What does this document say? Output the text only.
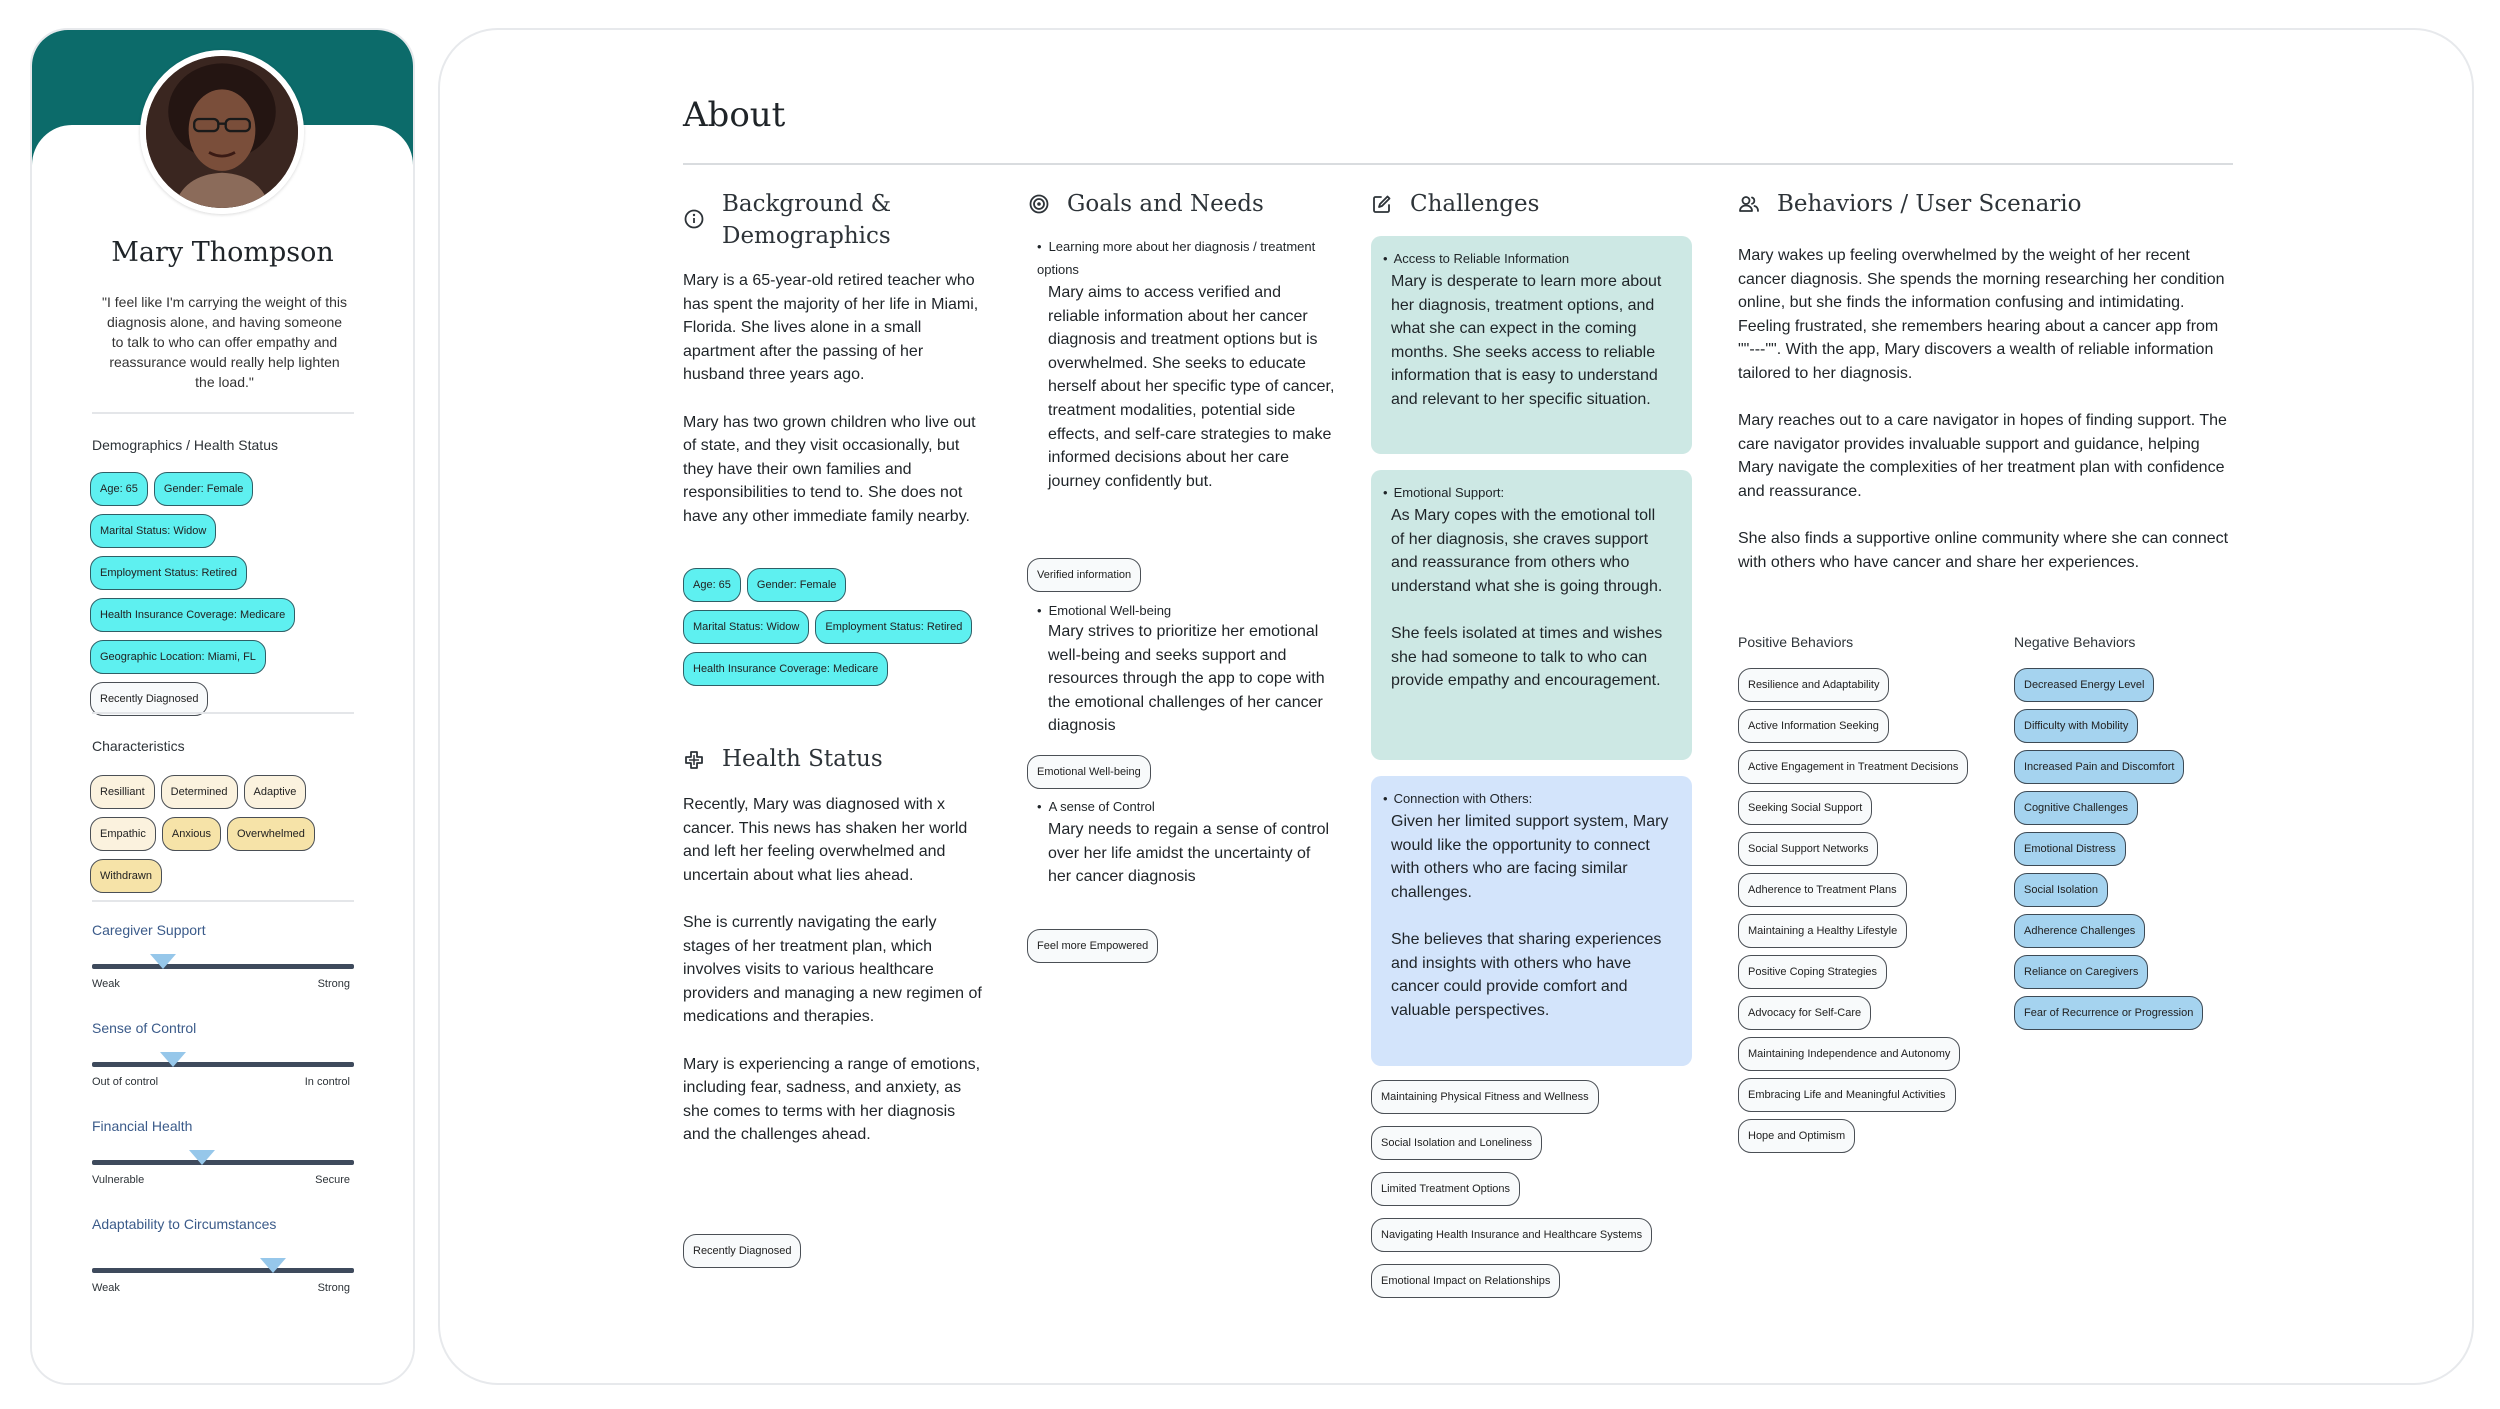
Mary Thompson
"I feel like I'm carrying the weight of this diagnosis alone, and having someone to talk to who can offer empathy and reassurance would really help lighten the load."
Demographics / Health Status
Age: 65	Gender: Female
Marital Status: Widow
Employment Status: Retired
Health Insurance Coverage: Medicare
Geographic Location: Miami, FL
Recently Diagnosed
Characteristics
Resilliant	Determined	Adaptive
Empathic	Anxious	Overwhelmed
Withdrawn
Caregiver Support
Weak	Strong
Sense of Control
Out of control	In control
Financial Health
Vulnerable	Secure
Adaptability to Circumstances
Weak	Strong
About
Background & Demographics

Mary is a 65-year-old retired teacher who has spent the majority of her life in Miami, Florida. She lives alone in a small apartment after the passing of her husband three years ago.

Mary has two grown children who live out of state, and they visit occasionally, but they have their own families and responsibilities to tend to. She does not have any other immediate family nearby.

Age: 65	Gender: Female
Marital Status: Widow	Employment Status: Retired
Health Insurance Coverage: Medicare
Health Status

Recently, Mary was diagnosed with x cancer. This news has shaken her world and left her feeling overwhelmed and uncertain about what lies ahead.

She is currently navigating the early stages of her treatment plan, which involves visits to various healthcare providers and managing a new regimen of medications and therapies.

Mary is experiencing a range of emotions, including fear, sadness, and anxiety, as she comes to terms with her diagnosis and the challenges ahead.

Recently Diagnosed
Goals and Needs
• Learning more about her diagnosis / treatment options
Mary aims to access verified and reliable information about her cancer diagnosis and treatment options but is overwhelmed. She seeks to educate herself about her specific type of cancer, treatment modalities, potential side effects, and self-care strategies to make informed decisions about her care journey confidently but.
Verified information
• Emotional Well-being
Mary strives to prioritize her emotional well-being and seeks support and resources through the app to cope with the emotional challenges of her cancer diagnosis
Emotional Well-being
• A sense of Control
Mary needs to regain a sense of control over her life amidst the uncertainty of her cancer diagnosis
Feel more Empowered
Challenges
• Access to Reliable Information

Mary is desperate to learn more about her diagnosis, treatment options, and what she can expect in the coming months. She seeks access to reliable information that is easy to understand and relevant to her specific situation.

• Emotional Support:

As Mary copes with the emotional toll of her diagnosis, she craves support and reassurance from others who understand what she is going through.

She feels isolated at times and wishes she had someone to talk to who can provide empathy and encouragement.

• Connection with Others:

Given her limited support system, Mary would like the opportunity to connect with others who are facing similar challenges.

She believes that sharing experiences and insights with others who have cancer could provide comfort and valuable perspectives.

Maintaining Physical Fitness and Wellness
Social Isolation and Loneliness
Limited Treatment Options
Navigating Health Insurance and Healthcare Systems
Emotional Impact on Relationships
Behaviors / User Scenario

Mary wakes up feeling overwhelmed by the weight of her recent cancer diagnosis. She spends the morning researching her condition online, but she finds the information confusing and intimidating. Feeling frustrated, she remembers hearing about a cancer app from ""---"". With the app, Mary discovers a wealth of reliable information tailored to her diagnosis.

Mary reaches out to a care navigator in hopes of finding support. The care navigator provides invaluable support and guidance, helping Mary navigate the complexities of her treatment plan with confidence and reassurance.

She also finds a supportive online community where she can connect with others who have cancer and share her experiences.

Positive Behaviors
Resilience and Adaptability
Active Information Seeking
Active Engagement in Treatment Decisions
Seeking Social Support
Social Support Networks
Adherence to Treatment Plans
Maintaining a Healthy Lifestyle
Positive Coping Strategies
Advocacy for Self-Care
Maintaining Independence and Autonomy
Embracing Life and Meaningful Activities
Hope and Optimism
Negative Behaviors
Decreased Energy Level
Difficulty with Mobility
Increased Pain and Discomfort
Cognitive Challenges
Emotional Distress
Social Isolation
Adherence Challenges
Reliance on Caregivers
Fear of Recurrence or Progression
